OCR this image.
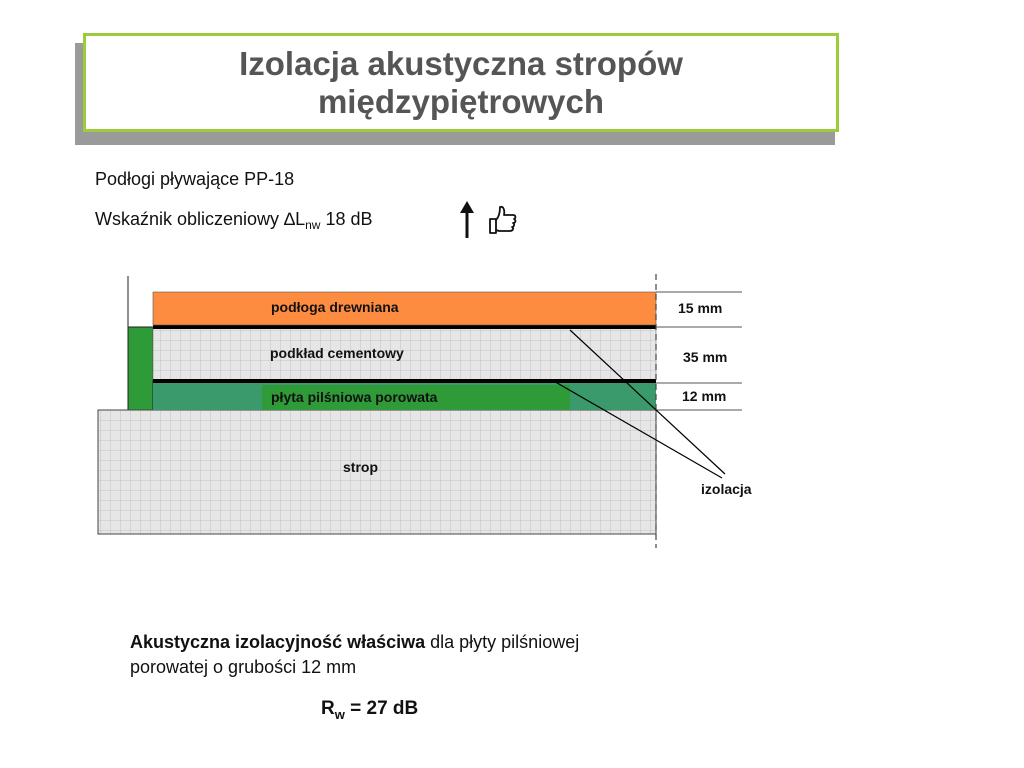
Izolacja akustyczna stropów
międzypiętrowych
Podłogi pływające PP-18
Wskaźnik obliczeniowy $\Delta L_{nw}$ 18 dB
podłoga drewniana
podkład cementowy
płyta pilśniowa porowata
strop
15 mm
35 mm
12 mm
izolacja
Akustyczna izolacyjność właściwa dla płyty pilśniowej porowatej o grubości 12 mm
$R_w = 27$ dB
